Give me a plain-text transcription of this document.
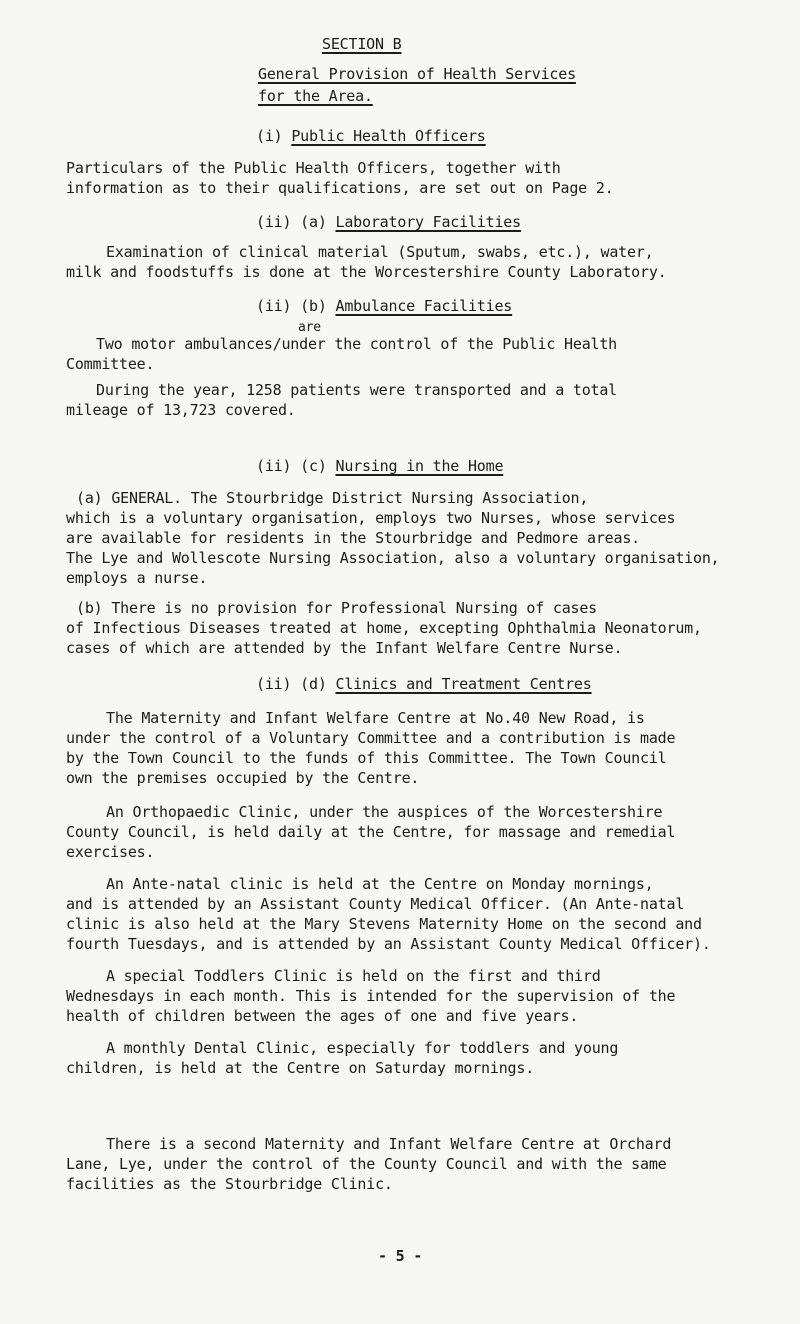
SECTION B
General Provision of Health Services
for the Area.
(i) Public Health Officers
Particulars of the Public Health Officers, together with
information as to their qualifications, are set out on Page 2.
(ii) (a) Laboratory Facilities
Examination of clinical material (Sputum, swabs, etc.), water,
milk and foodstuffs is done at the Worcestershire County Laboratory.
(ii) (b) Ambulance Facilities
are
Two motor ambulances/under the control of the Public Health
Committee.
During the year, 1258 patients were transported and a total
mileage of 13,723 covered.
(ii) (c) Nursing in the Home
(a) GENERAL. The Stourbridge District Nursing Association,
which is a voluntary organisation, employs two Nurses, whose services
are available for residents in the Stourbridge and Pedmore areas.
The Lye and Wollescote Nursing Association, also a voluntary organisation,
employs a nurse.
(b) There is no provision for Professional Nursing of cases
of Infectious Diseases treated at home, excepting Ophthalmia Neonatorum,
cases of which are attended by the Infant Welfare Centre Nurse.
(ii) (d) Clinics and Treatment Centres
The Maternity and Infant Welfare Centre at No.40 New Road, is
under the control of a Voluntary Committee and a contribution is made
by the Town Council to the funds of this Committee. The Town Council
own the premises occupied by the Centre.
An Orthopaedic Clinic, under the auspices of the Worcestershire
County Council, is held daily at the Centre, for massage and remedial
exercises.
An Ante-natal clinic is held at the Centre on Monday mornings,
and is attended by an Assistant County Medical Officer. (An Ante-natal
clinic is also held at the Mary Stevens Maternity Home on the second and
fourth Tuesdays, and is attended by an Assistant County Medical Officer).
A special Toddlers Clinic is held on the first and third
Wednesdays in each month. This is intended for the supervision of the
health of children between the ages of one and five years.
A monthly Dental Clinic, especially for toddlers and young
children, is held at the Centre on Saturday mornings.
There is a second Maternity and Infant Welfare Centre at Orchard
Lane, Lye, under the control of the County Council and with the same
facilities as the Stourbridge Clinic.
- 5 -
